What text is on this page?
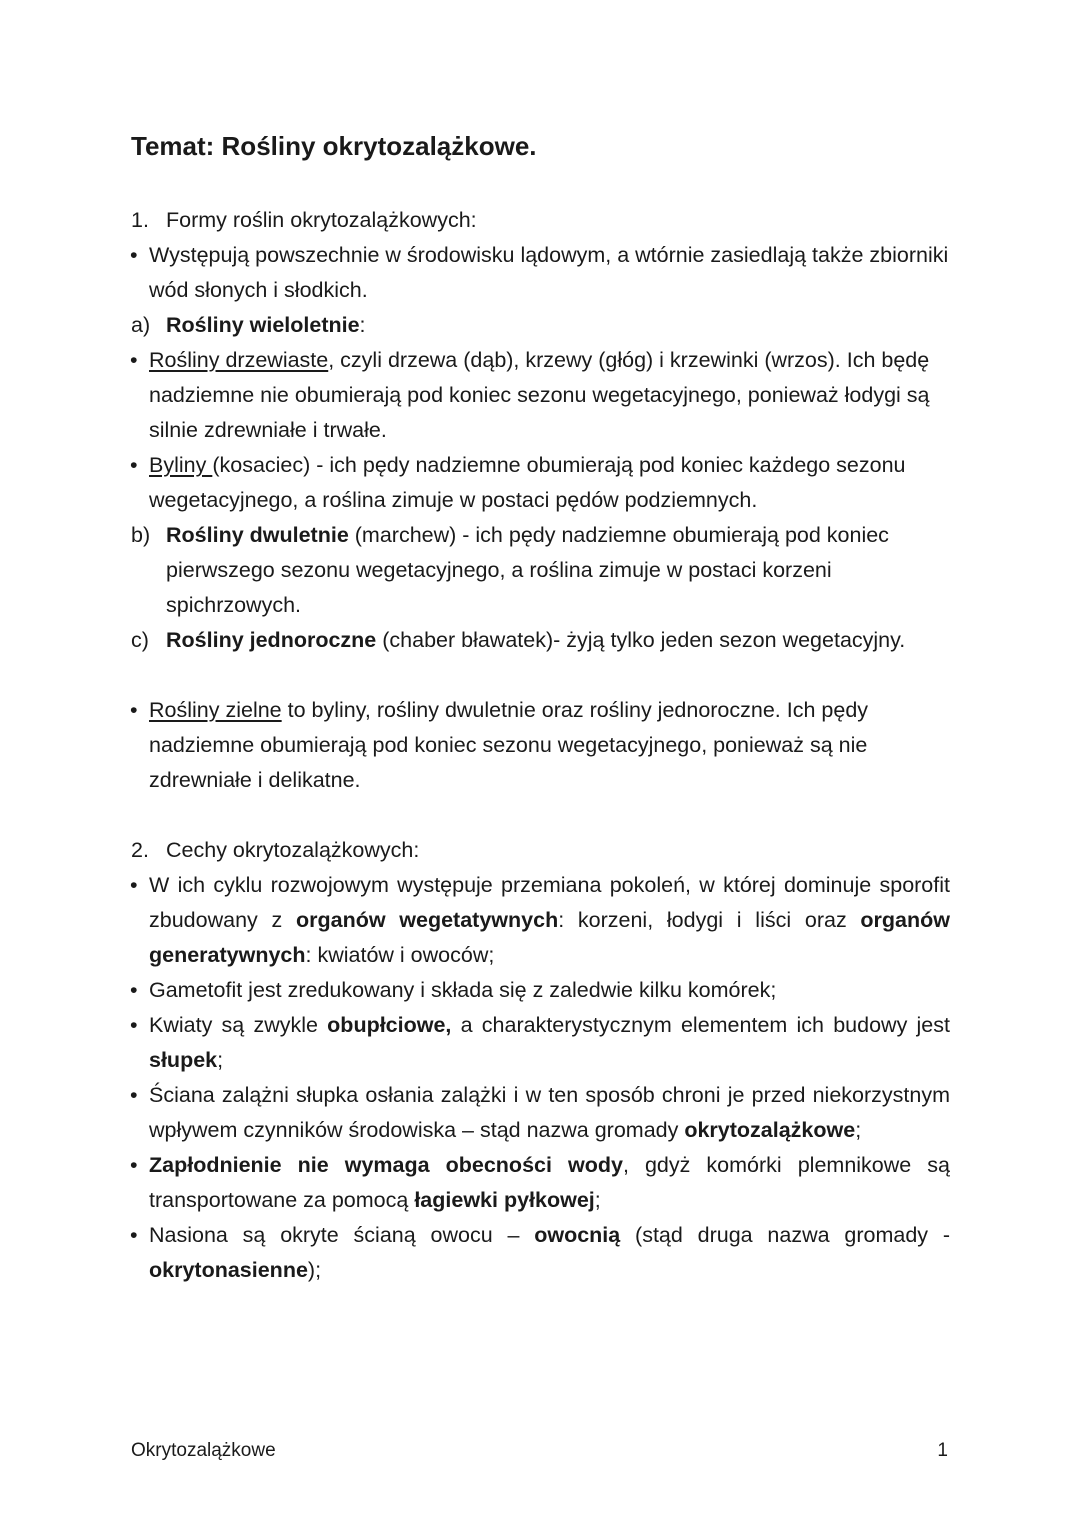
Temat: Rośliny okrytozalążkowe.
1. Formy roślin okrytozalążkowych:
• Występują powszechnie w środowisku lądowym, a wtórnie zasiedlają także zbiorniki wód słonych i słodkich.
a) Rośliny wieloletnie:
• Rośliny drzewiaste, czyli drzewa (dąb), krzewy (głóg) i krzewinki (wrzos). Ich będę nadziemne nie obumierają pod koniec sezonu wegetacyjnego, ponieważ łodygi są silnie zdrewniałe i trwałe.
• Byliny (kosaciec) - ich pędy nadziemne obumierają pod koniec każdego sezonu wegetacyjnego, a roślina zimuje w postaci pędów podziemnych.
b) Rośliny dwuletnie (marchew) - ich pędy nadziemne obumierają pod koniec pierwszego sezonu wegetacyjnego, a roślina zimuje w postaci korzeni spichrzowych.
c) Rośliny jednoroczne (chaber bławatek)- żyją tylko jeden sezon wegetacyjny.
• Rośliny zielne to byliny, rośliny dwuletnie oraz rośliny jednoroczne. Ich pędy nadziemne obumierają pod koniec sezonu wegetacyjnego, ponieważ są nie zdrewniałe i delikatne.
2. Cechy okrytozalążkowych:
• W ich cyklu rozwojowym występuje przemiana pokoleń, w której dominuje sporofit zbudowany z organów wegetatywnych: korzeni, łodygi i liści oraz organów generatywnych: kwiatów i owoców;
• Gametofit jest zredukowany i składa się z zaledwie kilku komórek;
• Kwiaty są zwykle obupłciowe, a charakterystycznym elementem ich budowy jest słupek;
• Ściana zalążni słupka osłania zalążki i w ten sposób chroni je przed niekorzystnym wpływem czynników środowiska – stąd nazwa gromady okrytozalążkowe;
• Zapłodnienie nie wymaga obecności wody, gdyż komórki plemnikowe są transportowane za pomocą łagiewki pyłkowej;
• Nasiona są okryte ścianą owocu – owocnią (stąd druga nazwa gromady - okrytonasienne);
Okrytozalążkowe	1
